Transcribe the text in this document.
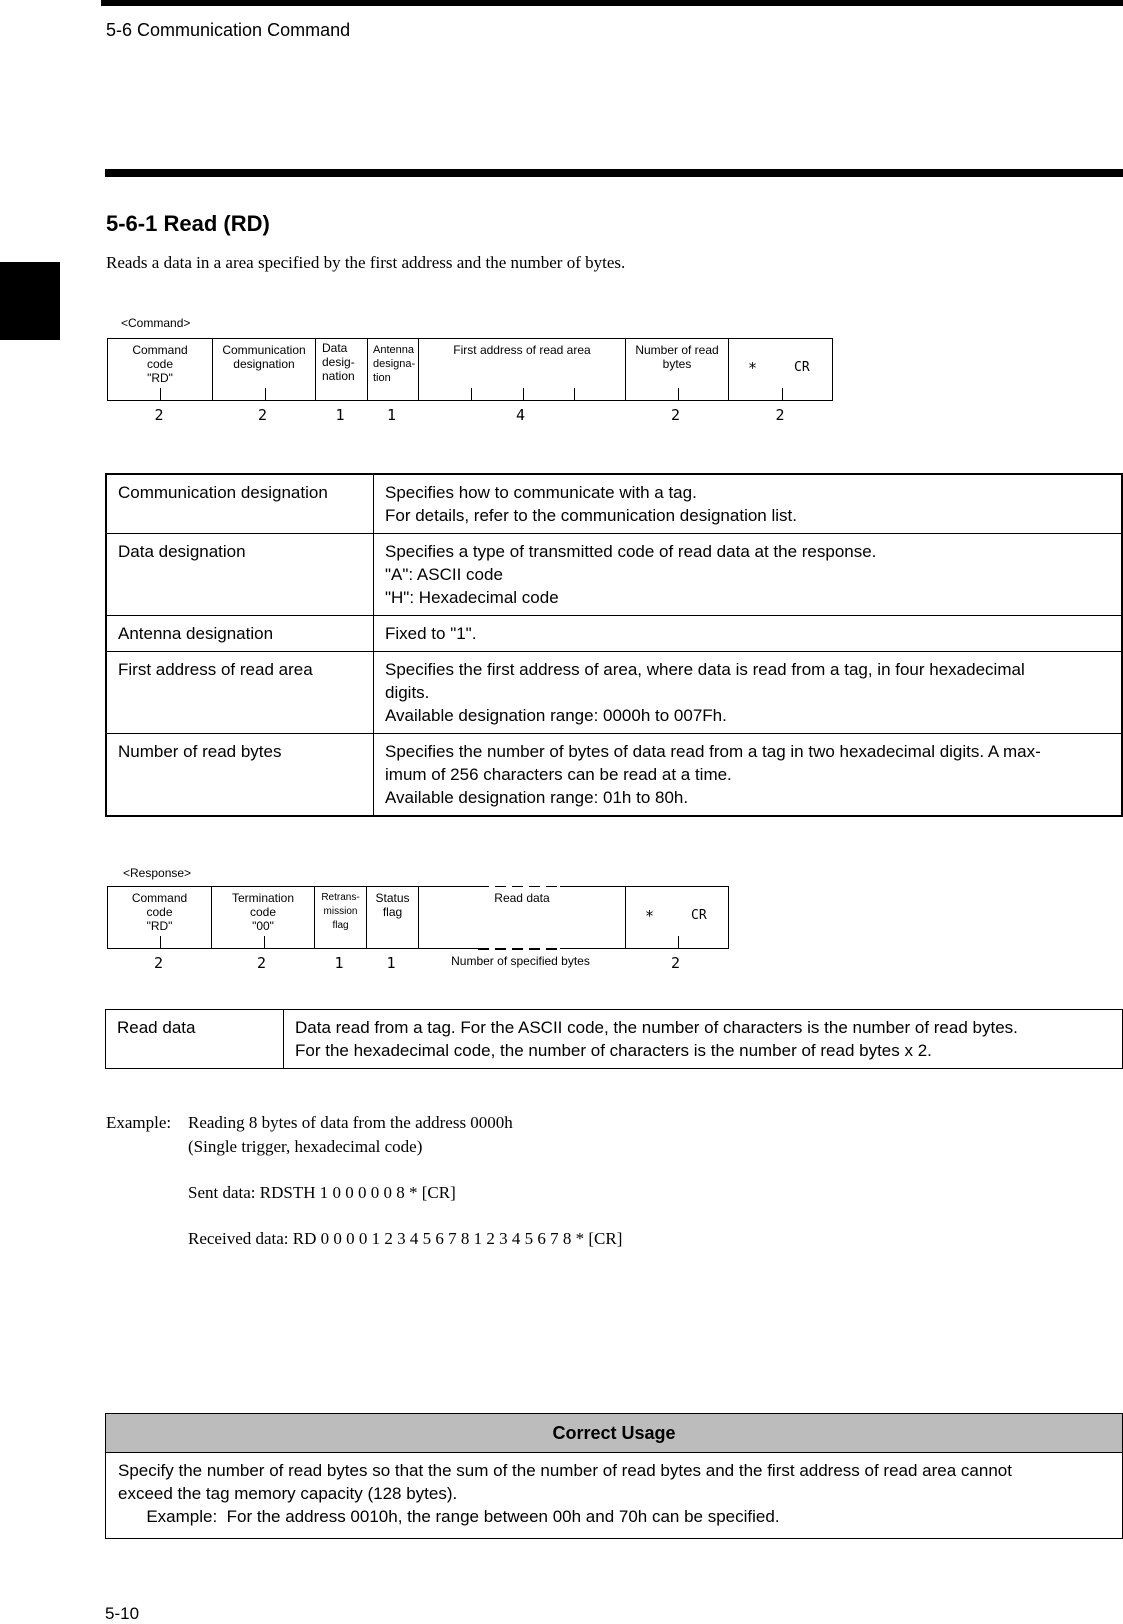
5-6 Communication Command
5-6-1 Read (RD)
Reads a data in a area specified by the first address and the number of bytes.
<Command>
Command
code
"RD"
Communication
designation
Data
desig-
nation
Antenna
designa-
tion
First address of read area	Number of read
bytes	*	CR
2	2	1	1	4	2	2
Communication designation	Specifies how to communicate with a tag.
For details, refer to the communication designation list.

Data designation	Specifies a type of transmitted code of read data at the response.
"A": ASCII code
"H": Hexadecimal code

Antenna designation	Fixed to "1".

First address of read area	Specifies the first address of area, where data is read from a tag, in four hexadecimal
digits.
Available designation range: 0000h to 007Fh.

Number of read bytes	Specifies the number of bytes of data read from a tag in two hexadecimal digits. A max-
imum of 256 characters can be read at a time.
Available designation range: 01h to 80h.
<Response>
Command
code
"RD"
Termination
code
"00"
Retrans-
mission
flag
Status
flag
Read data
*	CR
2	2	1	1	Number of specified bytes	2
Read data	Data read from a tag. For the ASCII code, the number of characters is the number of read bytes.
For the hexadecimal code, the number of characters is the number of read bytes x 2.
Example: Reading 8 bytes of data from the address 0000h
(Single trigger, hexadecimal code)
Sent data: RDSTH 1 0 0 0 0 0 8 * [CR]
Received data: RD 0 0 0 0 1 2 3 4 5 6 7 8 1 2 3 4 5 6 7 8 * [CR]
Correct Usage
Specify the number of read bytes so that the sum of the number of read bytes and the first address of read area cannot
exceed the tag memory capacity (128 bytes).
Example:  For the address 0010h, the range between 00h and 70h can be specified.
5-10
